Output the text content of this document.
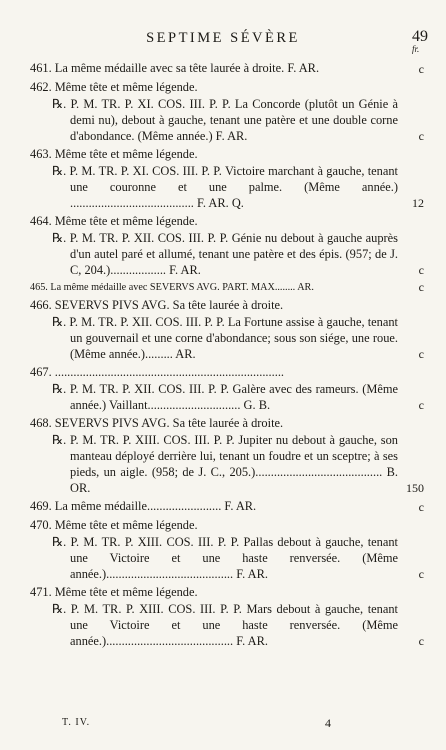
SEPTIME SÉVÈRE	49
fr.
461. La même médaille avec sa tête laurée à droite. F. AR.	c
462. Même tête et même légende.
℞. P. M. TR. P. XI. COS. III. P. P. La Concorde (plutôt un Génie à demi nu), debout à gauche, tenant une patère et une double corne d'abondance. (Même année.) F. AR.	c
463. Même tête et même légende.
℞. P. M. TR. P. XI. COS. III. P. P. Victoire marchant à gauche, tenant une couronne et une palme. (Même année.) ........................................ F. AR. Q.	12
464. Même tête et même légende.
℞. P. M. TR. P. XII. COS. III. P. P. Génie nu debout à gauche auprès d'un autel paré et allumé, tenant une patère et des épis. (957; de J. C, 204.).................. F. AR.	c
465. La même médaille avec SEVERVS AVG. PART. MAX........ AR.	c
466. SEVERVS PIVS AVG. Sa tête laurée à droite.
℞. P. M. TR. P. XII. COS. III. P. P. La Fortune assise à gauche, tenant un gouvernail et une corne d'abondance; sous son siége, une roue. (Même année.)......... AR.	c
467. ..........................................................................
℞. P. M. TR. P. XII. COS. III. P. P. Galère avec des rameurs. (Même année.) Vaillant.............................. G. B.	c
468. SEVERVS PIVS AVG. Sa tête laurée à droite.
℞. P. M. TR. P. XIII. COS. III. P. P. Jupiter nu debout à gauche, son manteau déployé derrière lui, tenant un foudre et un sceptre; à ses pieds, un aigle. (958; de J. C., 205.)......................................... B. OR.	150
469. La même médaille........................ F. AR.	c
470. Même tête et même légende.
℞. P. M. TR. P. XIII. COS. III. P. P. Pallas debout à gauche, tenant une Victoire et une haste renversée. (Même année.)......................................... F. AR.	c
471. Même tête et même légende.
℞. P. M. TR. P. XIII. COS. III. P. P. Mars debout à gauche, tenant une Victoire et une haste renversée. (Même année.)......................................... F. AR.	c
T. IV.	4
